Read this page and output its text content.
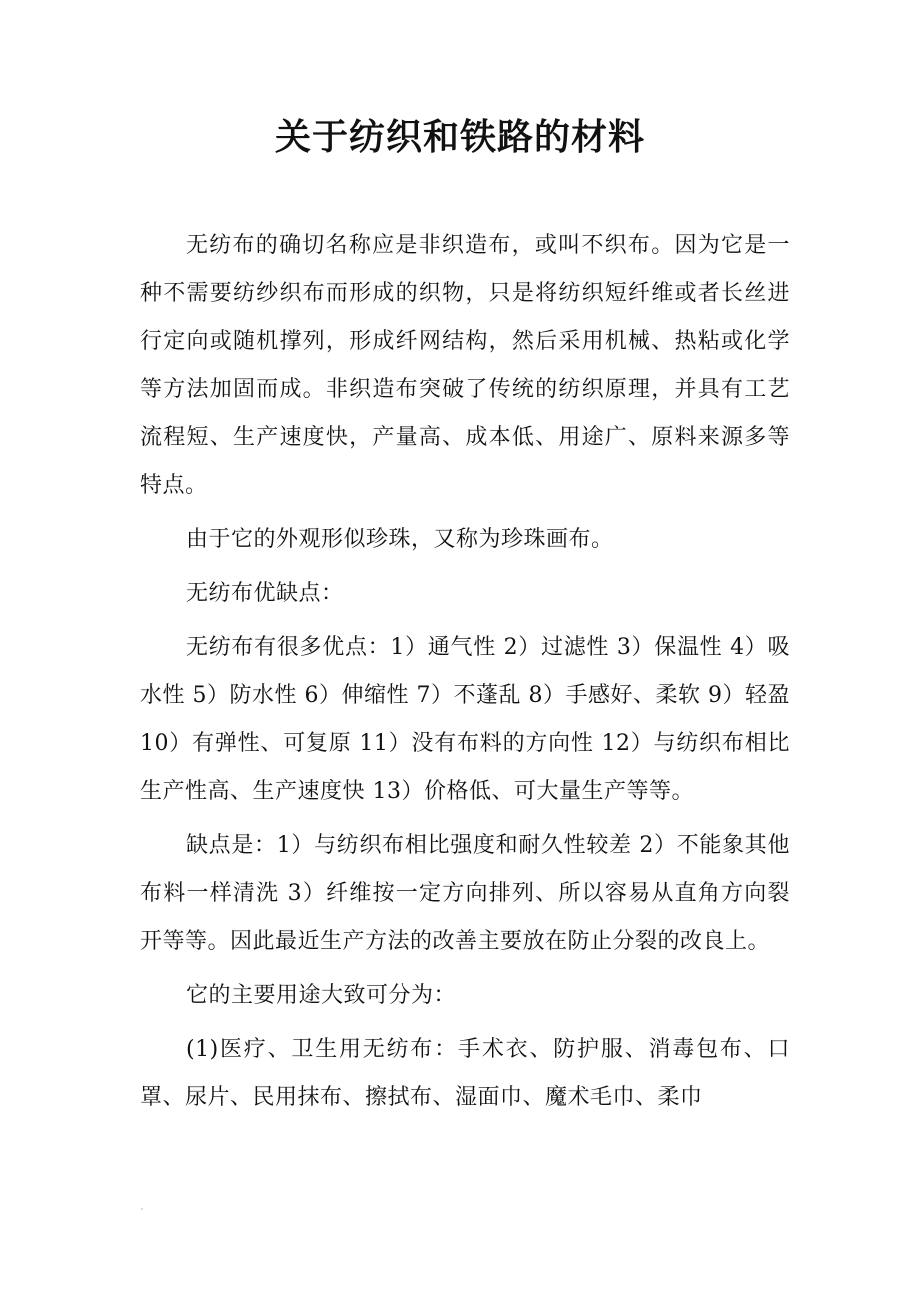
关于纺织和铁路的材料

无纺布的确切名称应是非织造布，或叫不织布。因为它是一种不需要纺纱织布而形成的织物，只是将纺织短纤维或者长丝进行定向或随机撑列，形成纤网结构，然后采用机械、热粘或化学等方法加固而成。非织造布突破了传统的纺织原理，并具有工艺流程短、生产速度快，产量高、成本低、用途广、原料来源多等特点。

由于它的外观形似珍珠，又称为珍珠画布。

无纺布优缺点：

无纺布有很多优点：1）通气性 2）过滤性 3）保温性 4）吸水性 5）防水性 6）伸缩性 7）不蓬乱 8）手感好、柔软 9）轻盈 10）有弹性、可复原 11）没有布料的方向性 12）与纺织布相比生产性高、生产速度快 13）价格低、可大量生产等等。

缺点是：1）与纺织布相比强度和耐久性较差 2）不能象其他布料一样清洗 3）纤维按一定方向排列、所以容易从直角方向裂开等等。因此最近生产方法的改善主要放在防止分裂的改良上。

它的主要用途大致可分为：

(1)医疗、卫生用无纺布：手术衣、防护服、消毒包布、口罩、尿片、民用抹布、擦拭布、湿面巾、魔术毛巾、柔巾
